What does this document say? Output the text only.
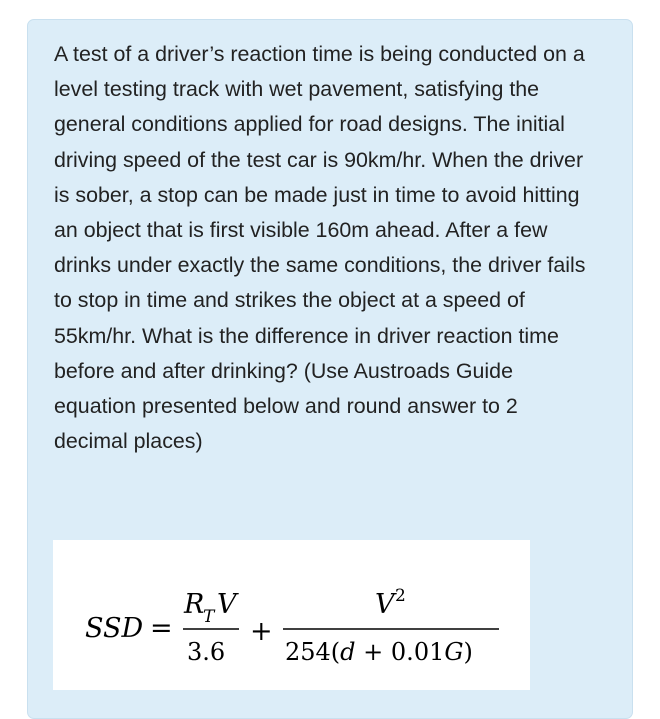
A test of a driver’s reaction time is being conducted on a level testing track with wet pavement, satisfying the general conditions applied for road designs. The initial driving speed of the test car is 90km/hr. When the driver is sober, a stop can be made just in time to avoid hitting an object that is first visible 160m ahead. After a few drinks under exactly the same conditions, the driver fails to stop in time and strikes the object at a speed of 55km/hr. What is the difference in driver reaction time before and after drinking? (Use Austroads Guide equation presented below and round answer to 2 decimal places)

SSD =
R
T V
3.6
+
V 2
254(d + 0.01G)
